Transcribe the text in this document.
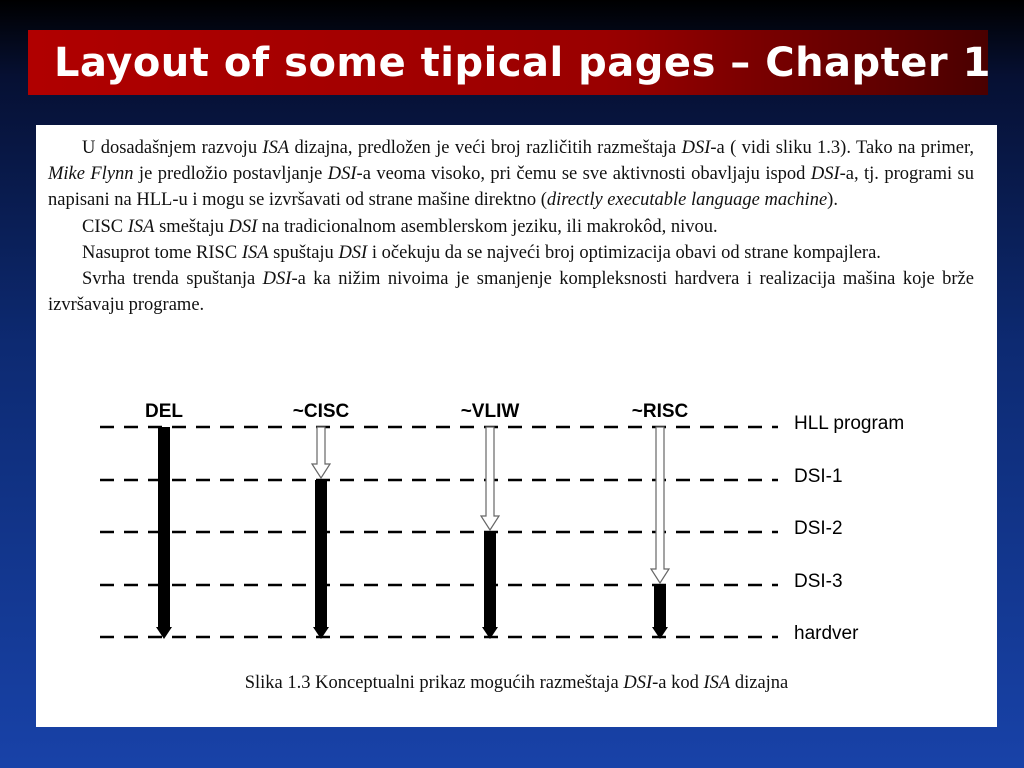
Layout of some tipical pages – Chapter 1

U dosadašnjem razvoju ISA dizajna, predložen je veći broj različitih razmeštaja DSI-a ( vidi sliku 1.3). Tako na primer, Mike Flynn je predložio postavljanje DSI-a veoma visoko, pri čemu se sve aktivnosti obavljaju ispod DSI-a, tj. programi su napisani na HLL-u i mogu se izvršavati od strane mašine direktno (directly executable language machine).

CISC ISA smeštaju DSI na tradicionalnom asemblerskom jeziku, ili makrokôd, nivou.

Nasuprot tome RISC ISA spuštaju DSI i očekuju da se najveći broj optimizacija obavi od strane kompajlera.

Svrha trenda spuštanja DSI-a ka nižim nivoima je smanjenje kompleksnosti hardvera i realizacija mašina koje brže izvršavaju programe.

HLL program
DSI-1
DSI-2
DSI-3
hardver
DEL	~CISC	~VLIW	~RISC
Slika 1.3 Konceptualni prikaz mogućih razmeštaja DSI-a kod ISA dizajna
